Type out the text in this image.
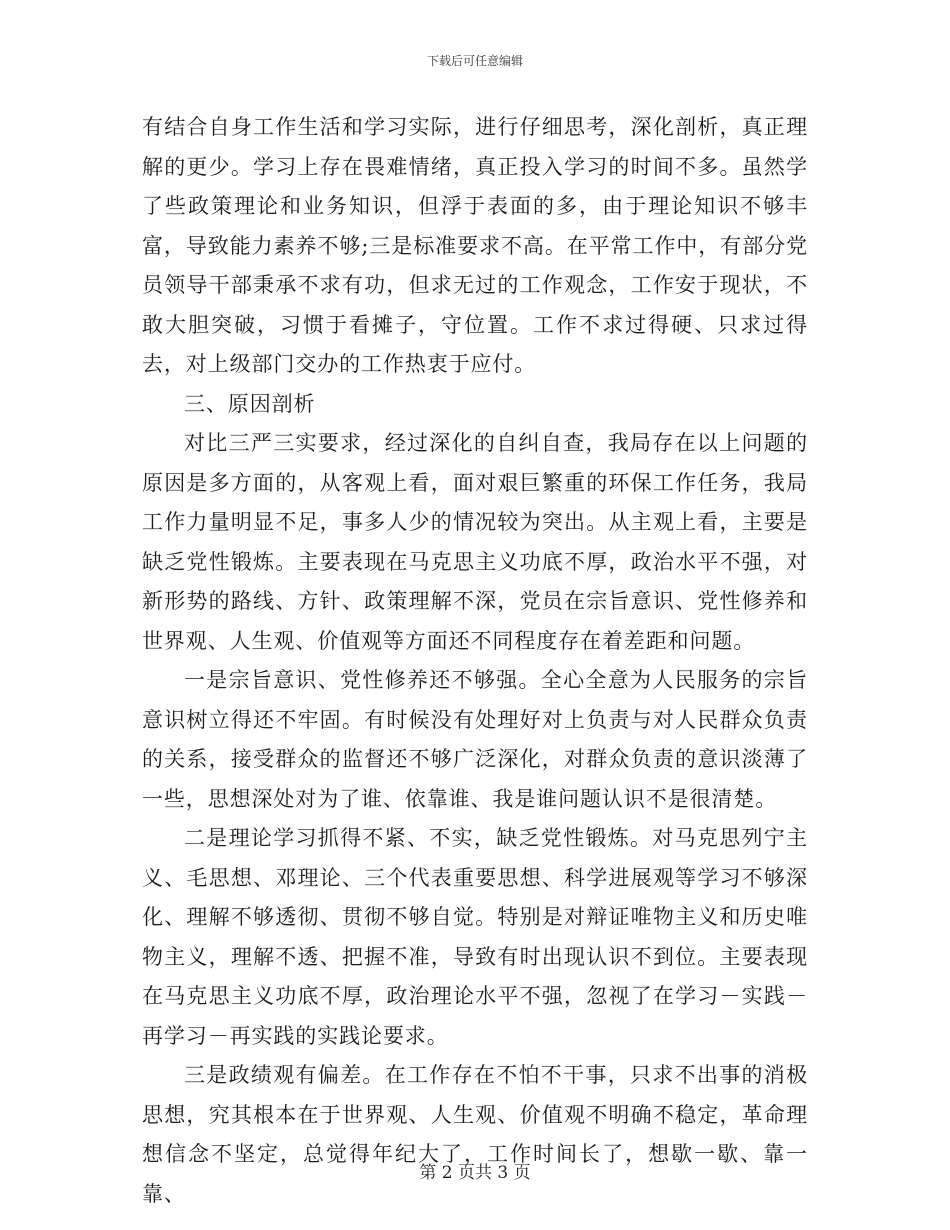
下载后可任意编辑

有结合自身工作生活和学习实际，进行仔细思考，深化剖析，真正理解的更少。学习上存在畏难情绪，真正投入学习的时间不多。虽然学了些政策理论和业务知识，但浮于表面的多，由于理论知识不够丰富，导致能力素养不够;三是标准要求不高。在平常工作中，有部分党员领导干部秉承不求有功，但求无过的工作观念，工作安于现状，不敢大胆突破，习惯于看摊子，守位置。工作不求过得硬、只求过得去，对上级部门交办的工作热衷于应付。

三、原因剖析

对比三严三实要求，经过深化的自纠自查，我局存在以上问题的原因是多方面的，从客观上看，面对艰巨繁重的环保工作任务，我局工作力量明显不足，事多人少的情况较为突出。从主观上看，主要是缺乏党性锻炼。主要表现在马克思主义功底不厚，政治水平不强，对新形势的路线、方针、政策理解不深，党员在宗旨意识、党性修养和世界观、人生观、价值观等方面还不同程度存在着差距和问题。

一是宗旨意识、党性修养还不够强。全心全意为人民服务的宗旨意识树立得还不牢固。有时候没有处理好对上负责与对人民群众负责的关系，接受群众的监督还不够广泛深化，对群众负责的意识淡薄了一些，思想深处对为了谁、依靠谁、我是谁问题认识不是很清楚。

二是理论学习抓得不紧、不实，缺乏党性锻炼。对马克思列宁主义、毛思想、邓理论、三个代表重要思想、科学进展观等学习不够深化、理解不够透彻、贯彻不够自觉。特别是对辩证唯物主义和历史唯物主义，理解不透、把握不准，导致有时出现认识不到位。主要表现在马克思主义功底不厚，政治理论水平不强，忽视了在学习－实践－再学习－再实践的实践论要求。

三是政绩观有偏差。在工作存在不怕不干事，只求不出事的消极思想，究其根本在于世界观、人生观、价值观不明确不稳定，革命理想信念不坚定，总觉得年纪大了，工作时间长了，想歇一歇、靠一靠、

第 2 页共 3 页
